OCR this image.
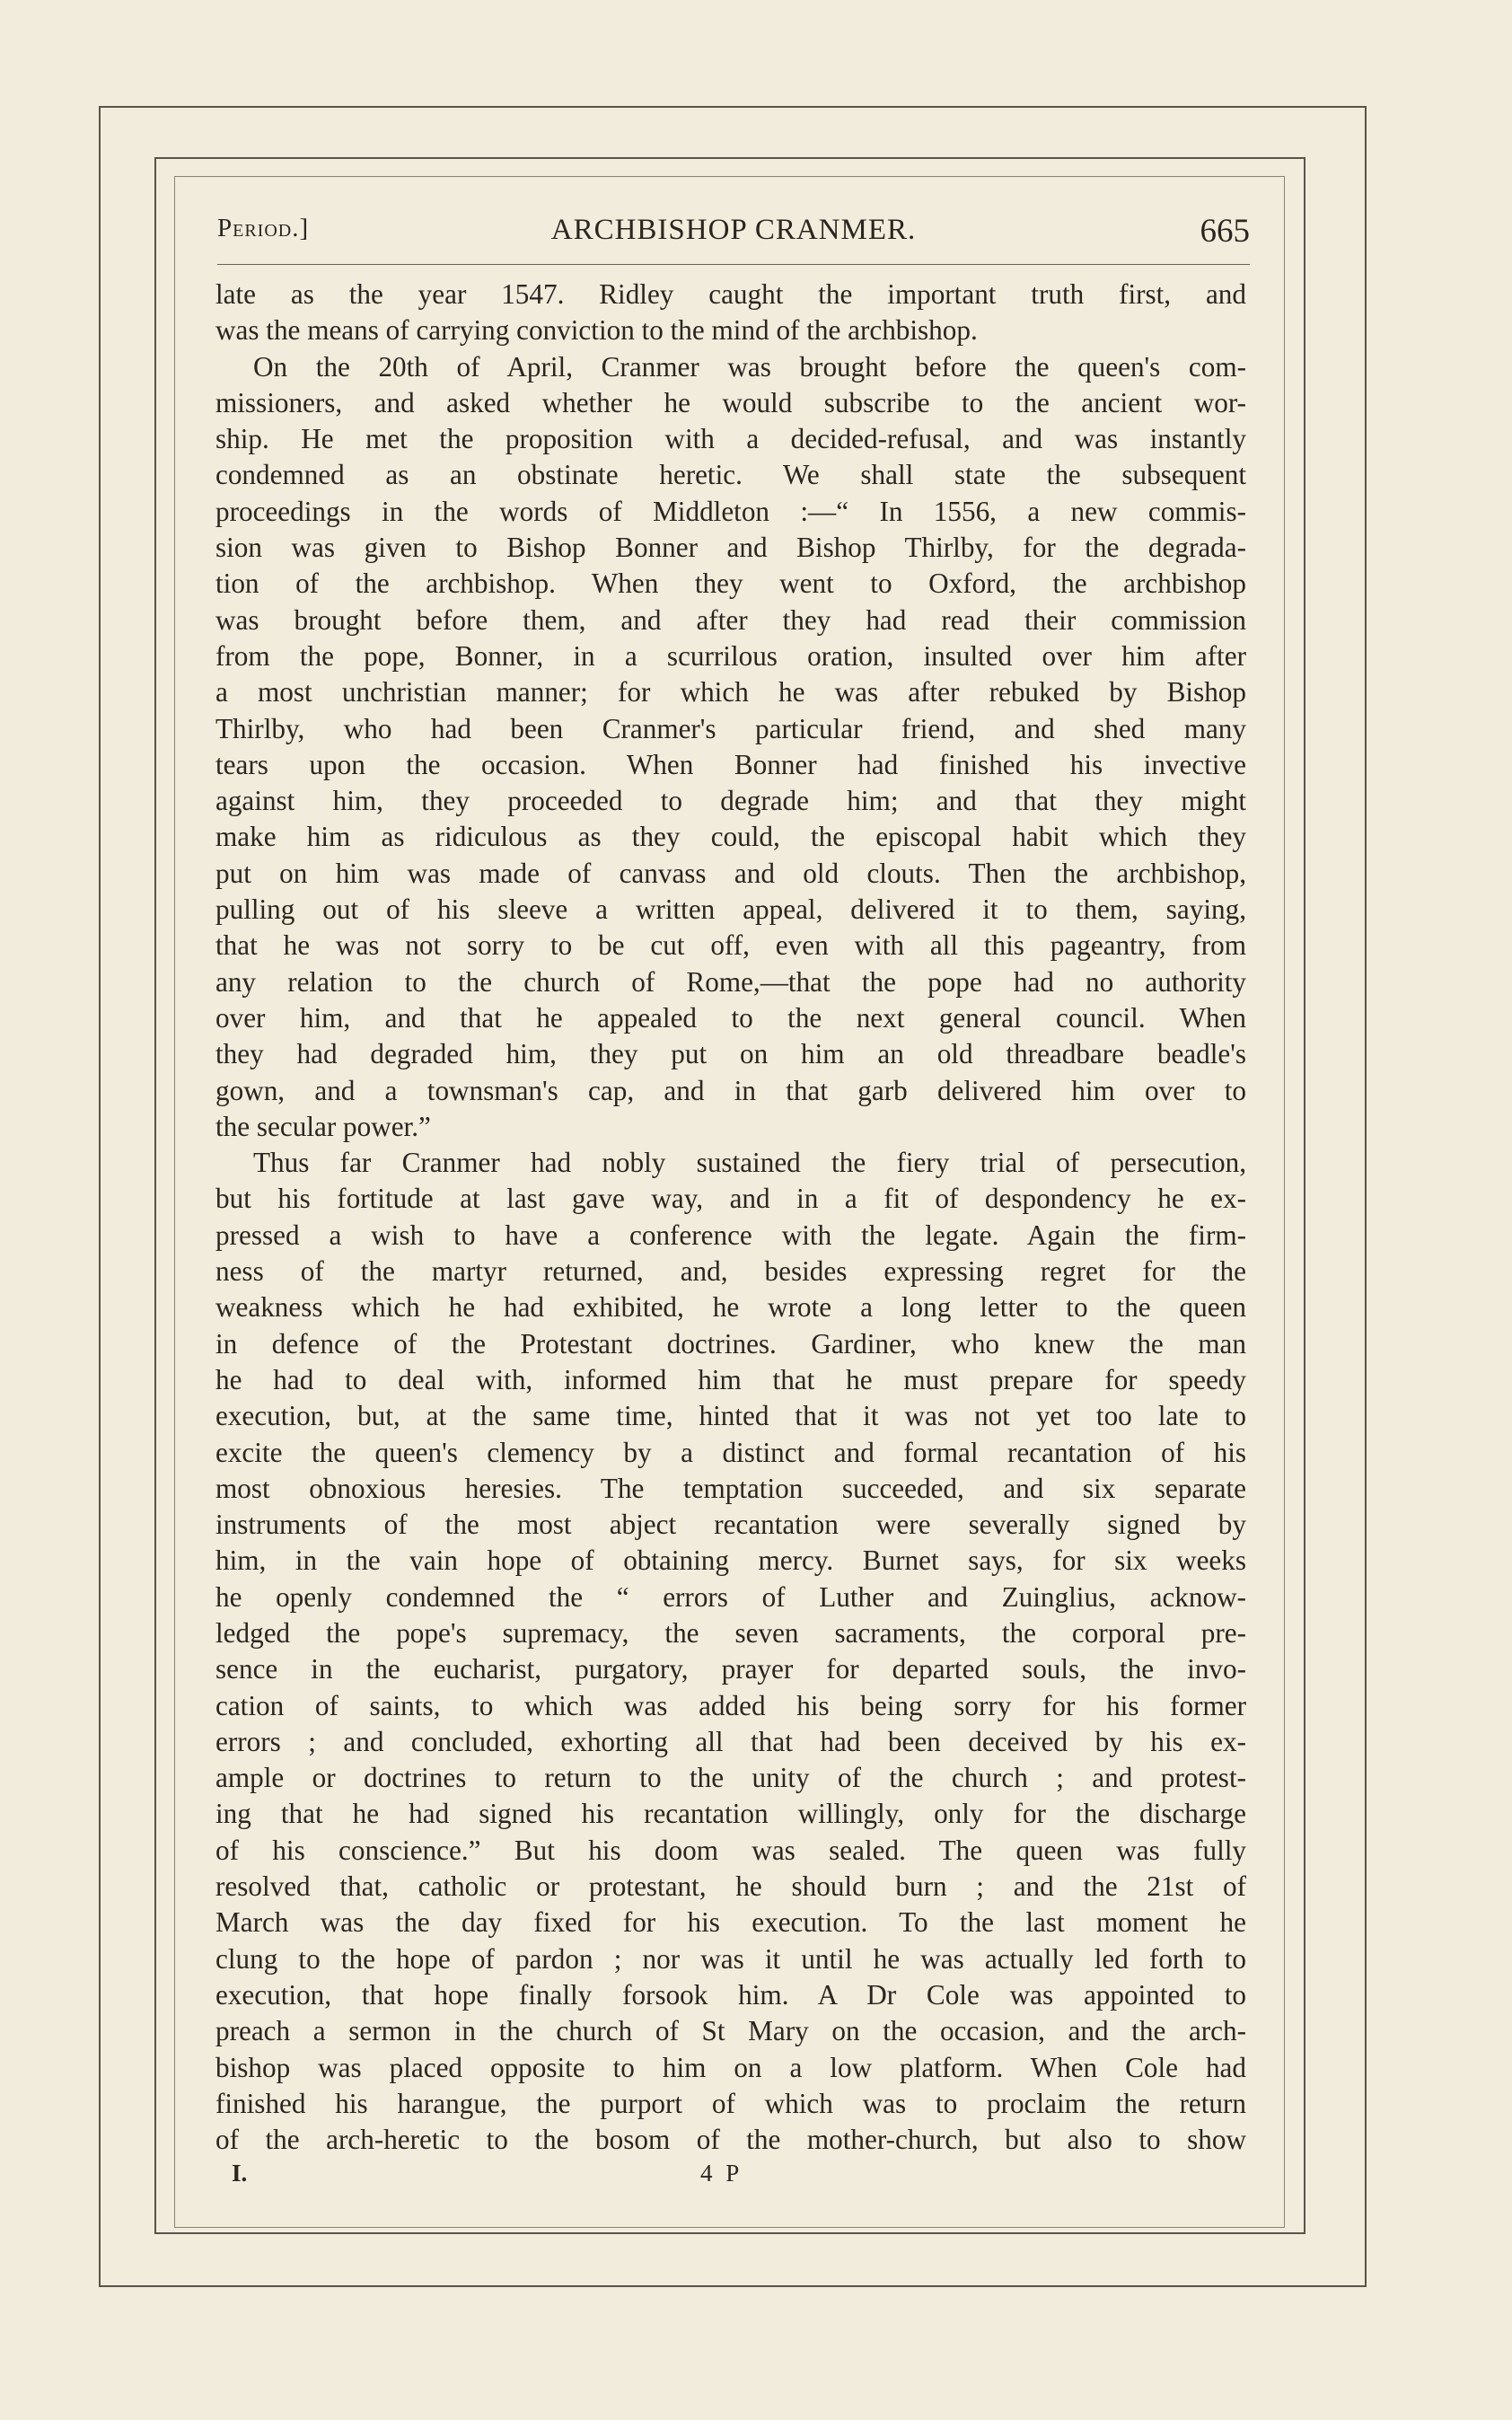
Period.]	ARCHBISHOP CRANMER.	665
late as the year 1547. Ridley caught the important truth first, and
was the means of carrying conviction to the mind of the archbishop.
On the 20th of April, Cranmer was brought before the queen's com-
missioners, and asked whether he would subscribe to the ancient wor-
ship. He met the proposition with a decided-refusal, and was instantly
condemned as an obstinate heretic. We shall state the subsequent
proceedings in the words of Middleton :—“ In 1556, a new commis-
sion was given to Bishop Bonner and Bishop Thirlby, for the degrada-
tion of the archbishop. When they went to Oxford, the archbishop
was brought before them, and after they had read their commission
from the pope, Bonner, in a scurrilous oration, insulted over him after
a most unchristian manner; for which he was after rebuked by Bishop
Thirlby, who had been Cranmer's particular friend, and shed many
tears upon the occasion. When Bonner had finished his invective
against him, they proceeded to degrade him; and that they might
make him as ridiculous as they could, the episcopal habit which they
put on him was made of canvass and old clouts. Then the archbishop,
pulling out of his sleeve a written appeal, delivered it to them, saying,
that he was not sorry to be cut off, even with all this pageantry, from
any relation to the church of Rome,—that the pope had no authority
over him, and that he appealed to the next general council. When
they had degraded him, they put on him an old threadbare beadle's
gown, and a townsman's cap, and in that garb delivered him over to
the secular power.”
Thus far Cranmer had nobly sustained the fiery trial of persecution,
but his fortitude at last gave way, and in a fit of despondency he ex-
pressed a wish to have a conference with the legate. Again the firm-
ness of the martyr returned, and, besides expressing regret for the
weakness which he had exhibited, he wrote a long letter to the queen
in defence of the Protestant doctrines. Gardiner, who knew the man
he had to deal with, informed him that he must prepare for speedy
execution, but, at the same time, hinted that it was not yet too late to
excite the queen's clemency by a distinct and formal recantation of his
most obnoxious heresies. The temptation succeeded, and six separate
instruments of the most abject recantation were severally signed by
him, in the vain hope of obtaining mercy. Burnet says, for six weeks
he openly condemned the “ errors of Luther and Zuinglius, acknow-
ledged the pope's supremacy, the seven sacraments, the corporal pre-
sence in the eucharist, purgatory, prayer for departed souls, the invo-
cation of saints, to which was added his being sorry for his former
errors ; and concluded, exhorting all that had been deceived by his ex-
ample or doctrines to return to the unity of the church ; and protest-
ing that he had signed his recantation willingly, only for the discharge
of his conscience.” But his doom was sealed. The queen was fully
resolved that, catholic or protestant, he should burn ; and the 21st of
March was the day fixed for his execution. To the last moment he
clung to the hope of pardon ; nor was it until he was actually led forth to
execution, that hope finally forsook him. A Dr Cole was appointed to
preach a sermon in the church of St Mary on the occasion, and the arch-
bishop was placed opposite to him on a low platform. When Cole had
finished his harangue, the purport of which was to proclaim the return
of the arch-heretic to the bosom of the mother-church, but also to show
I.	4 P
